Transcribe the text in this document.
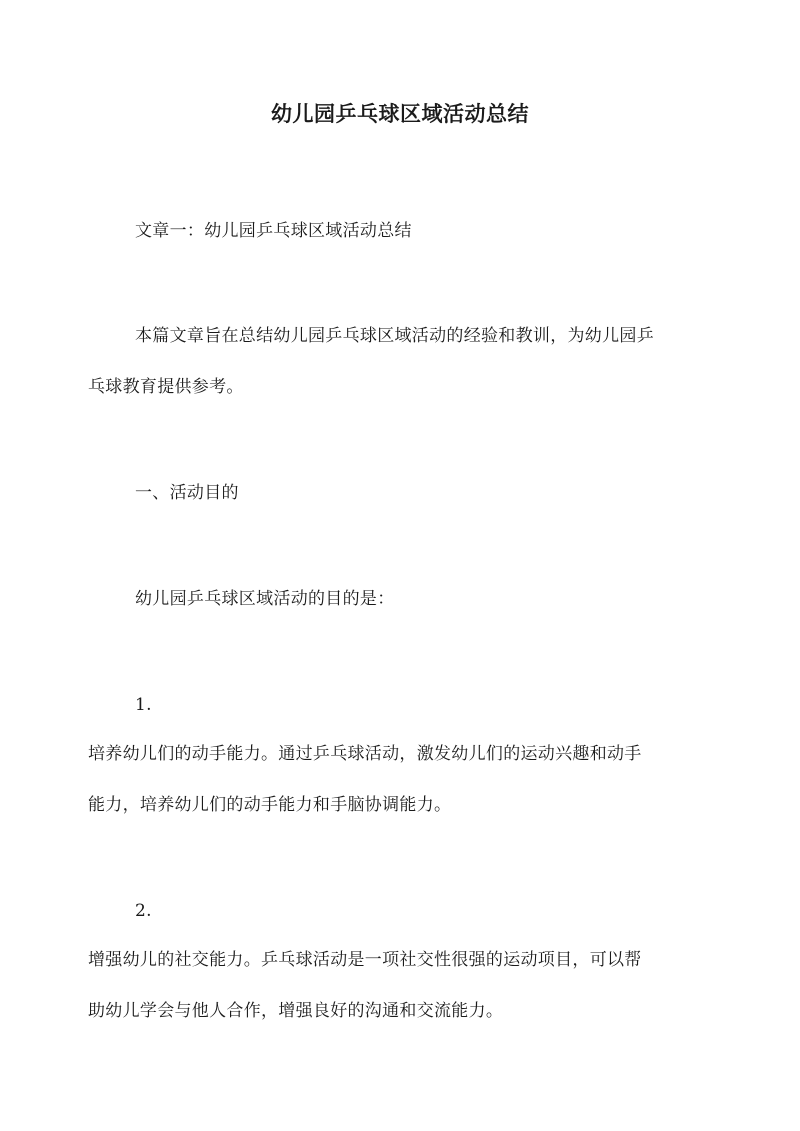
幼儿园乒乓球区域活动总结
文章一：幼儿园乒乓球区域活动总结
本篇文章旨在总结幼儿园乒乓球区域活动的经验和教训，为幼儿园乒
乓球教育提供参考。
一、活动目的
幼儿园乒乓球区域活动的目的是：
1.
培养幼儿们的动手能力。通过乒乓球活动，激发幼儿们的运动兴趣和动手
能力，培养幼儿们的动手能力和手脑协调能力。
2.
增强幼儿的社交能力。乒乓球活动是一项社交性很强的运动项目，可以帮
助幼儿学会与他人合作，增强良好的沟通和交流能力。
